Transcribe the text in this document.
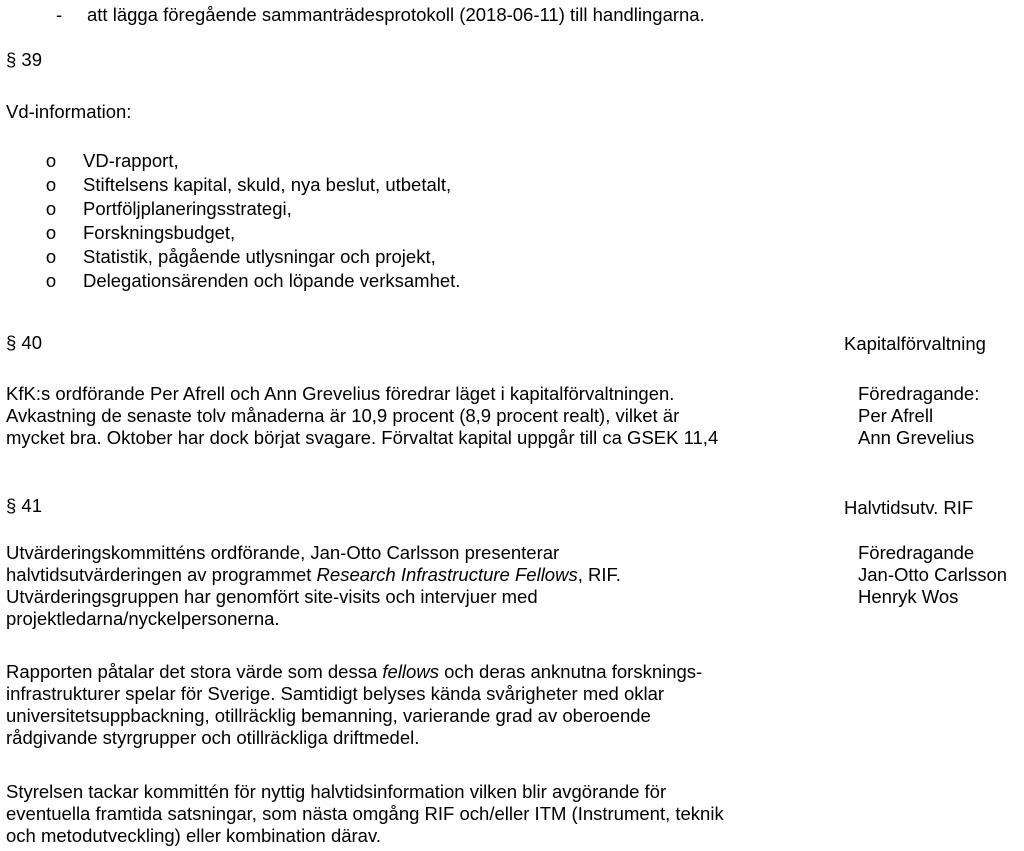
- att lägga föregående sammanträdesprotokoll (2018-06-11) till handlingarna.

§ 39

Vd-information:

o	VD-rapport,
o	Stiftelsens kapital, skuld, nya beslut, utbetalt,
o	Portföljplaneringsstrategi,
o	Forskningsbudget,
o	Statistik, pågående utlysningar och projekt,
o	Delegationsärenden och löpande verksamhet.

§ 40	Kapitalförvaltning

KfK:s ordförande Per Afrell och Ann Grevelius föredrar läget i kapitalförvaltningen.
Avkastning de senaste tolv månaderna är 10,9 procent (8,9 procent realt), vilket är
mycket bra. Oktober har dock börjat svagare. Förvaltat kapital uppgår till ca GSEK 11,4
Föredragande:
Per Afrell
Ann Grevelius

§ 41	Halvtidsutv. RIF

Utvärderingskommitténs ordförande, Jan-Otto Carlsson presenterar
halvtidsutvärderingen av programmet Research Infrastructure Fellows, RIF.
Utvärderingsgruppen har genomfört site-visits och intervjuer med
projektledarna/nyckelpersonerna.
Föredragande
Jan-Otto Carlsson
Henryk Wos
Rapporten påtalar det stora värde som dessa fellows och deras anknutna forsknings-
infrastrukturer spelar för Sverige. Samtidigt belyses kända svårigheter med oklar
universitetsuppbackning, otillräcklig bemanning, varierande grad av oberoende
rådgivande styrgrupper och otillräckliga driftmedel.
Styrelsen tackar kommittén för nyttig halvtidsinformation vilken blir avgörande för
eventuella framtida satsningar, som nästa omgång RIF och/eller ITM (Instrument, teknik
och metodutveckling) eller kombination därav.
